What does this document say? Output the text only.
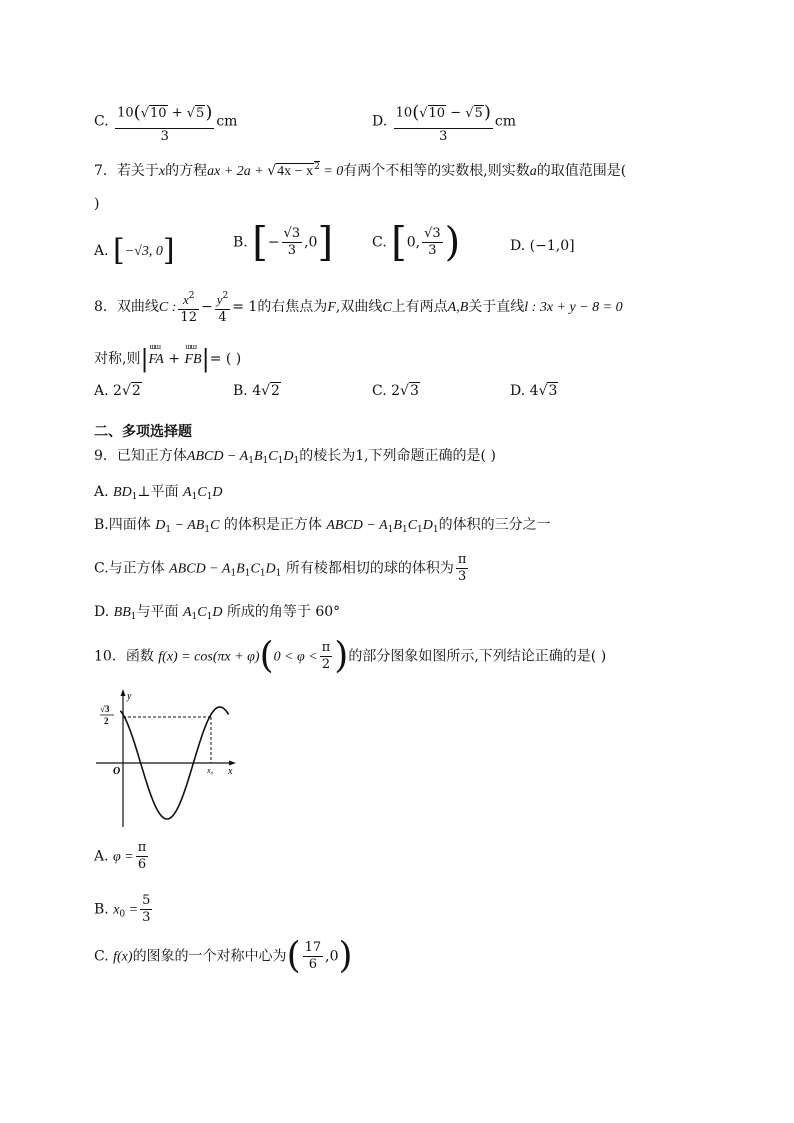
C. $\frac{10(√10 + √5)}{3}$ cm	D. $\frac{10(√10 - √5)}{3}$ cm
7．若关于x的方程ax + $2a + √4x - x^2 = 0$有两个不相等的实数根,则实数a的取值范围是(
)
A. [−√3, 0]	B. [− $\frac{√3}{3} ,0$]	C. [0, $\frac{√3}{3}$ )	D. (−1,0]
8．双曲线C : $\frac{x^2}{12} - \frac{y^2}{4} = 1$的右焦点为F,双曲线C上有两点A,B关于直线l : 3x + y − 8 = 0
对称,则|ɯɯ FA + ɯɯ FB|= ( )
A. 2√2	B. 4√2	C. 2√3	D. 4√3
二、多项选择题
9．已知正方体ABCD − $A_1B_1C_1D_1$的棱长为1,下列命题正确的是( )
A. $BD_1\perp$平面 $A_1C_1D$
B.四面体 $D_1 - AB_1C$ 的体积是正方体 ABCD − $A_1B_1C_1D_1$的体积的三分之一
C.与正方体 ABCD − $A_1B_1C_1D_1$ 所有棱都相切的球的体积为 $\frac{\pi}{3}$
D. $BB_1$与平面 $A_1C_1D$ 所成的角等于 60°
10．函数 $f(x) = \cos(\pi x + \varphi)(0 < \varphi < \frac{\pi}{2}$ )的部分图象如图所示,下列结论正确的是( )
y
x
O
√3
2
x₀
A. $\varphi = \frac{\pi}{6}$
B. $x_0 = \frac{5}{3}$
C. f(x)的图象的一个对称中心为( $\frac{17}{6} ,0$)
